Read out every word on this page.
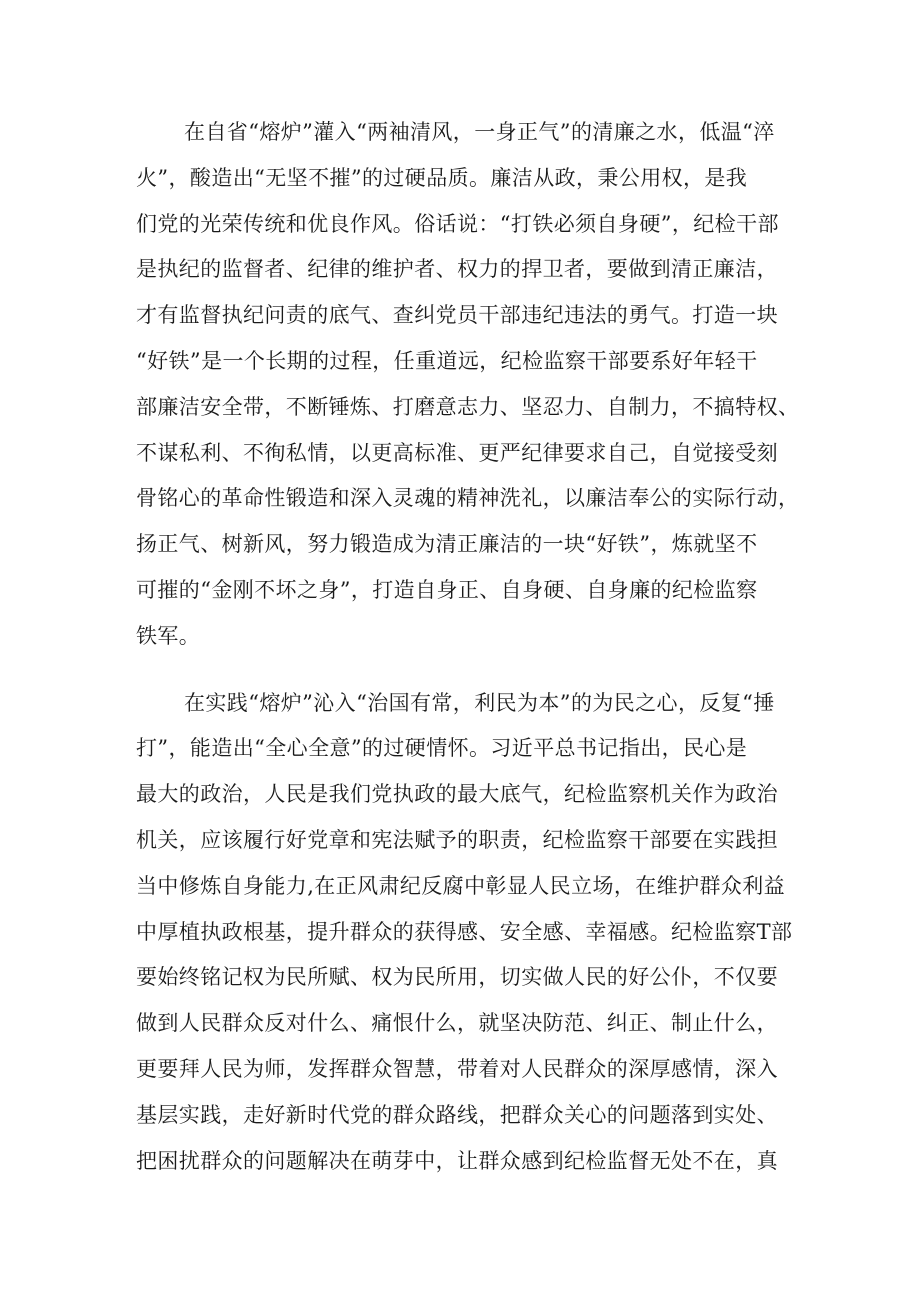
在自省“熔炉”灌入“两袖清风，一身正气”的清廉之水，低温“淬
火”，酸造出“无坚不摧”的过硬品质。廉洁从政，秉公用权，是我
们党的光荣传统和优良作风。俗话说：“打铁必须自身硬”，纪检干部
是执纪的监督者、纪律的维护者、权力的捍卫者，要做到清正廉洁，
才有监督执纪问责的底气、查纠党员干部违纪违法的勇气。打造一块
“好铁”是一个长期的过程，任重道远，纪检监察干部要系好年轻干
部廉洁安全带，不断锤炼、打磨意志力、坚忍力、自制力，不搞特权、
不谋私利、不徇私情，以更高标准、更严纪律要求自己，自觉接受刻
骨铭心的革命性锻造和深入灵魂的精神洗礼，以廉洁奉公的实际行动，
扬正气、树新风，努力锻造成为清正廉洁的一块“好铁”，炼就坚不
可摧的“金刚不坏之身”，打造自身正、自身硬、自身廉的纪检监察
铁军。
在实践“熔炉”沁入“治国有常，利民为本”的为民之心，反复“捶
打”，能造出“全心全意”的过硬情怀。习近平总书记指出，民心是
最大的政治，人民是我们党执政的最大底气，纪检监察机关作为政治
机关，应该履行好党章和宪法赋予的职责，纪检监察干部要在实践担
当中修炼自身能力,在正风肃纪反腐中彰显人民立场，在维护群众利益
中厚植执政根基，提升群众的获得感、安全感、幸福感。纪检监察T部
要始终铭记权为民所赋、权为民所用，切实做人民的好公仆，不仅要
做到人民群众反对什么、痛恨什么，就坚决防范、纠正、制止什么，
更要拜人民为师，发挥群众智慧，带着对人民群众的深厚感情，深入
基层实践，走好新时代党的群众路线，把群众关心的问题落到实处、
把困扰群众的问题解决在萌芽中，让群众感到纪检监督无处不在，真
